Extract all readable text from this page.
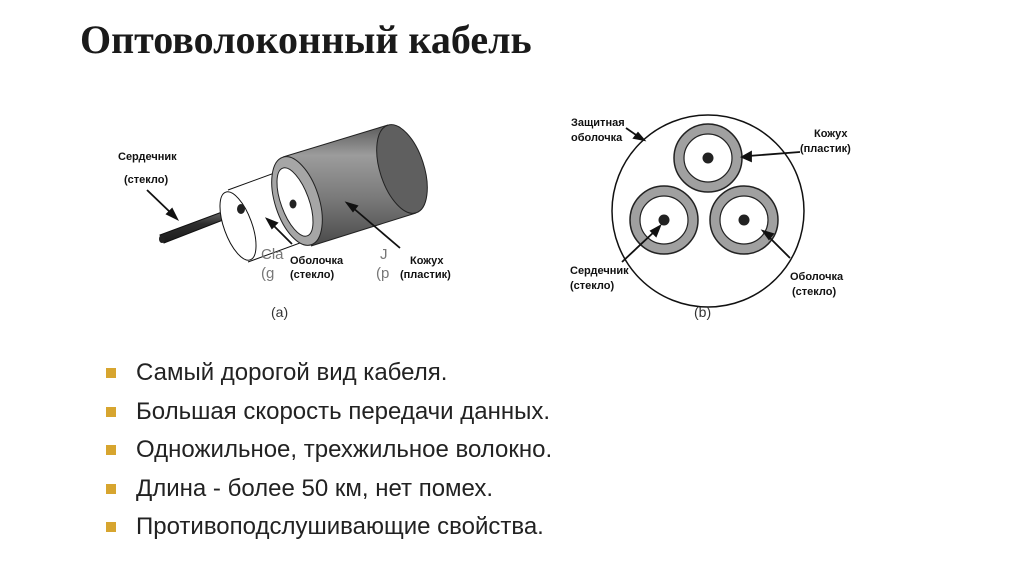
Оптоволоконный кабель
Сердечник
(стекло)
Cla
(g
Оболочка
(стекло)
J
(p
Кожух
(пластик)
(a)
Защитная
оболочка	Кожух
(пластик)
Сердечник
(стекло)
Оболочка
(стекло)
(b)
Самый дорогой вид кабеля.
Большая скорость передачи данных.
Одножильное, трехжильное волокно.
Длина - более 50 км, нет помех.
Противоподслушивающие свойства.
